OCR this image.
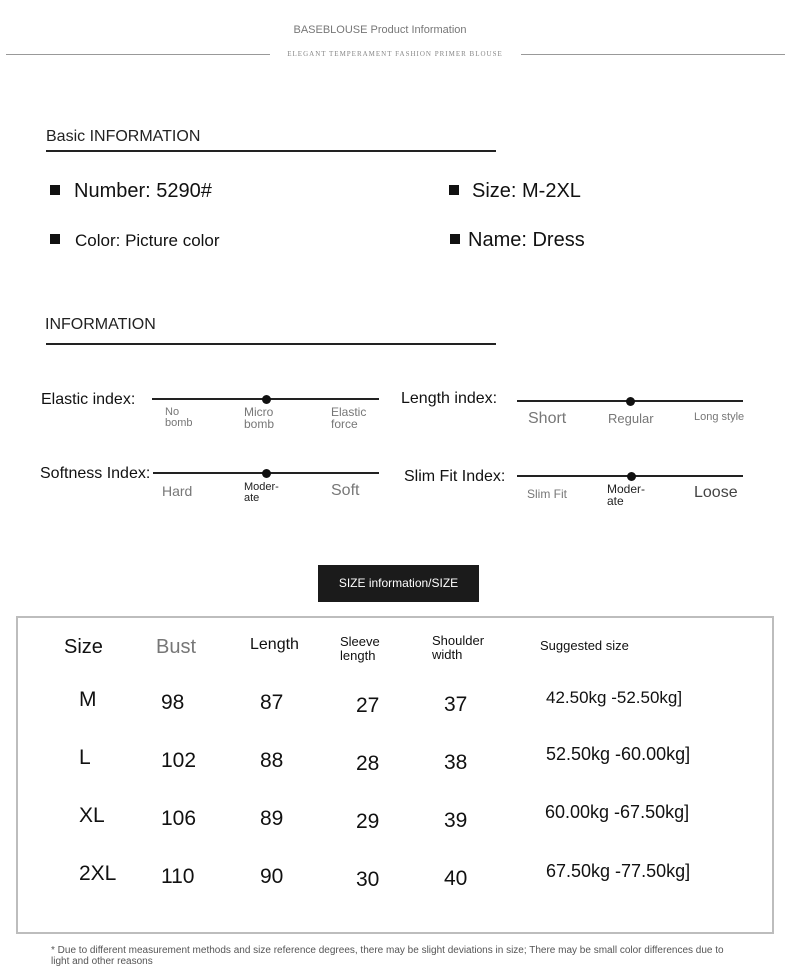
BASEBLOUSE Product Information
ELEGANT TEMPERAMENT FASHION PRIMER BLOUSE
Basic INFORMATION
Number: 5290#	Size: M-2XL
Color: Picture color	Name: Dress
INFORMATION
Elastic index:
No
bomb
Micro
bomb
Elastic
force
Length index:
Short	Regular	Long style
Softness Index:
Hard	Moder-
ate	Soft
Slim Fit Index:
Slim Fit	Moder-
ate	Loose
SIZE information/SIZE
Size	Bust	Length	Sleeve
length
Shoulder
width
Suggested size
M	98	87	27	37	42.50kg -52.50kg]
L	102	88	28	38	52.50kg -60.00kg]
XL	106	89	29	39	60.00kg -67.50kg]
2XL 110	90	30	40	67.50kg -77.50kg]
* Due to different measurement methods and size reference degrees, there may be slight deviations in size; There may be small color differences due to light and other reasons
